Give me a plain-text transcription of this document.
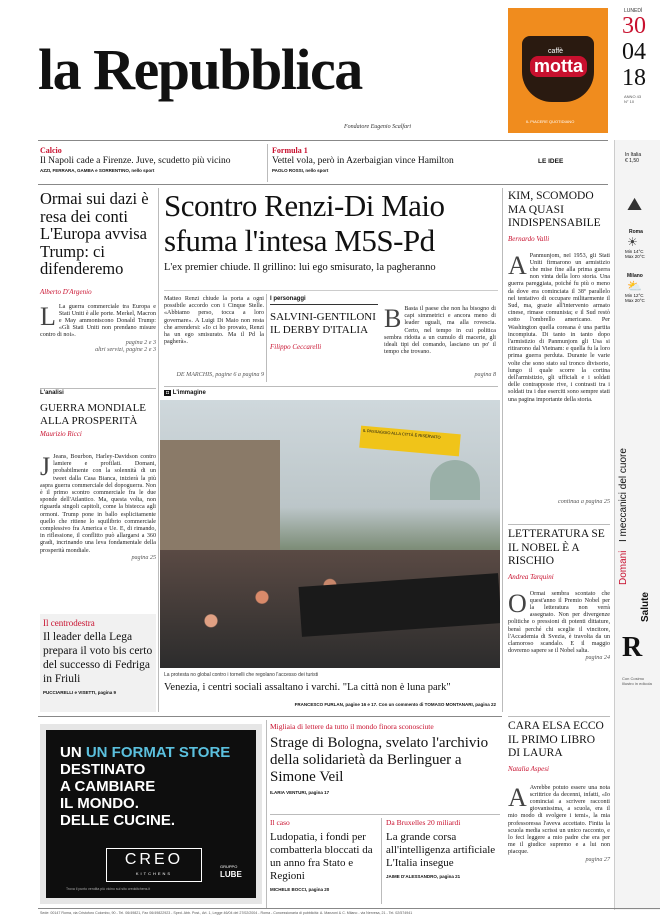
la Repubblica
Fondatore Eugenio Scalfari
caffè
motta
IL PIACERE QUOTIDIANO
LUNEDÌ
30
04
18
ANNO 43
N° 10
In Italia
€ 1,50
⛰
Roma
☀
Min 14°C
Max 20°C
Milano
⛅
Min 12°C
Max 20°C
Domani I meccanici del cuore
R
Salute
Con Cosimo Illustro in edicola
Calcio
Il Napoli cade a Firenze. Juve, scudetto più vicino
AZZI, FERRARA, GAMBA e SORRENTINO, nello sport
Formula 1
Vettel vola, però in Azerbaigian vince Hamilton
PAOLO ROSSI, nello sport
LE IDEE
Ormai sui dazi è resa dei conti L'Europa avvisa Trump: ci difenderemo
Alberto D'Argenio
L La guerra commerciale tra Europa e Stati Uniti è alle porte. Merkel, Macron e May ammoniscono Donald Trump: «Gli Stati Uniti non prendano misure contro di noi».
pagina 2 e 3
altri servizi, pagine 2 e 3
L'analisi
GUERRA MONDIALE ALLA PROSPERITÀ
Maurizio Ricci
J Jeans, Bourbon, Harley-Davidson contro lamiere e profilati. Domani, probabilmente con la solennità di un tweet dalla Casa Bianca, inizierà la più aspra guerra commerciale del dopoguerra. Non è il primo scontro commerciale fra le due sponde dell'Atlantico. Ma, questa volta, non riguarda singoli capitoli, come la bistecca agli ormoni. Trump pone in ballo esplicitamente quello che ritiene lo squilibrio commerciale complessivo fra America e Ue. E, di rimando, in riflessione, il conflitto può allargarsi a 360 gradi, incrinando una leva fondamentale della prosperità mondiale.
pagina 25
Il centrodestra
Il leader della Lega prepara il voto bis certo del successo di Fedriga in Friuli
PUCCIARELLI e VISETTI, pagina 9
Scontro Renzi-Di Maio sfuma l'intesa M5S-Pd
L'ex premier chiude. Il grillino: lui ego smisurato, la pagheranno
Matteo Renzi chiude la porta a ogni possibile accordo con i Cinque Stelle. «Abbiamo perso, tocca a loro governare». A Luigi Di Maio non resta che arrendersi: «Io ci ho provato, Renzi ha un ego smisurato. Ma il Pd la pagherà».
DE MARCHIS, pagine 6 a pagina 9
I personaggi
SALVINI-GENTILONI IL DERBY D'ITALIA
Filippo Ceccarelli
B Basta il paese che non ha bisogno di capi simmetrici e ancora meno di leader uguali, ma alla rovescia. Certo, nel tempo in cui politica sembra ridotta a un cumulo di macerie, gli ideali tipi del comando, lasciano un po' il tempo che trovano.
pagina 8
◘ L'immagine
IL PASSAGGIO ALLA CITTÀ È RISERVATO
La protesta no global contro i tornelli che regolano l'accesso dei turisti
Venezia, i centri sociali assaltano i varchi. "La città non è luna park"
FRANCESCO FURLAN, pagine 16 e 17. Con un commento di TOMASO MONTANARI, pagina 22
KIM, SCOMODO MA QUASI INDISPENSABILE
Bernardo Valli
A Panmunjom, nel 1953, gli Stati Uniti firmarono un armistizio che mise fine alla prima guerra non vinta della loro storia. Una guerra pareggiata, poiché fu più o meno da dove era cominciata il 38º parallelo nel tentativo di occupare militarmente il Sud, ma, grazie all'intervento armato cinese, rimase comunista; e il Sud restò sotto l'ombrello americano. Per Washington quella coreana è una partita incompiuta. Di tanto in tanto dopo l'armistizio di Panmunjom gli Usa si ritirarono dal Vietnam: e quella fu la loro prima guerra perduta. Durante le varie volte che sono stato sul tronco divisorio, lungo il quale scorre la cortina dell'armistizio, gli ufficiali e i soldati delle contrapposte rive, i contrasti tra i soldati tra i due eserciti sono sempre stati una pagina importante della storia.
continua a pagina 25
LETTERATURA SE IL NOBEL È A RISCHIO
Andrea Tarquini
O Ormai sembra scontato che quest'anno il Premio Nobel per la letteratura non verrà assegnato. Non per divergenze politiche o pressioni di potenti dittature, bensì perché chi sceglie il vincitore, l'Accademia di Svezia, è travolta da un clamoroso scandalo. E il maggio dovremo sapere se il Nobel salta.
pagina 24
CARA ELSA ECCO IL PRIMO LIBRO DI LAURA
Natalia Aspesi
A Avrebbe potuto essere una nota scrittrice da decenni, infatti, «Io cominciai a scrivere racconti giovanissima, a scuola, era il mio modo di svolgere i temi», la mia professoressa l'aveva accettato. Finita la scuola media scrissi un unico racconto, e lo feci leggere a mio padre che era per me il giudice supremo e a lui non piacque.
pagina 27
UN UN FORMAT STORE
DESTINATO
A CAMBIARE
IL MONDO.
DELLE CUCINE.
CREO
KITCHENS
GRUPPO
LUBE
Trova il punto vendita più vicino sul sito creokitchens.it
Migliaia di lettere da tutto il mondo finora sconosciute
Strage di Bologna, svelato l'archivio della solidarietà da Berlinguer a Simone Veil
ILARIA VENTURI, pagina 17
Il caso
Ludopatia, i fondi per combatterla bloccati da un anno fra Stato e Regioni
MICHELE BOCCI, pagina 20
Da Bruxelles 20 miliardi
La grande corsa all'intelligenza artificiale L'Italia insegue
JAIME D'ALESSANDRO, pagina 21
Sede: 00147 Roma, via Cristoforo Colombo, 90 - Tel. 06/49821, Fax 06/49822923 - Sped. Abb. Post., Art. 1, Legge 46/04 del 27/02/2004 - Roma - Concessionaria di pubblicità: A. Manzoni & C. Milano - via Nervesa, 21 - Tel. 02/574941
